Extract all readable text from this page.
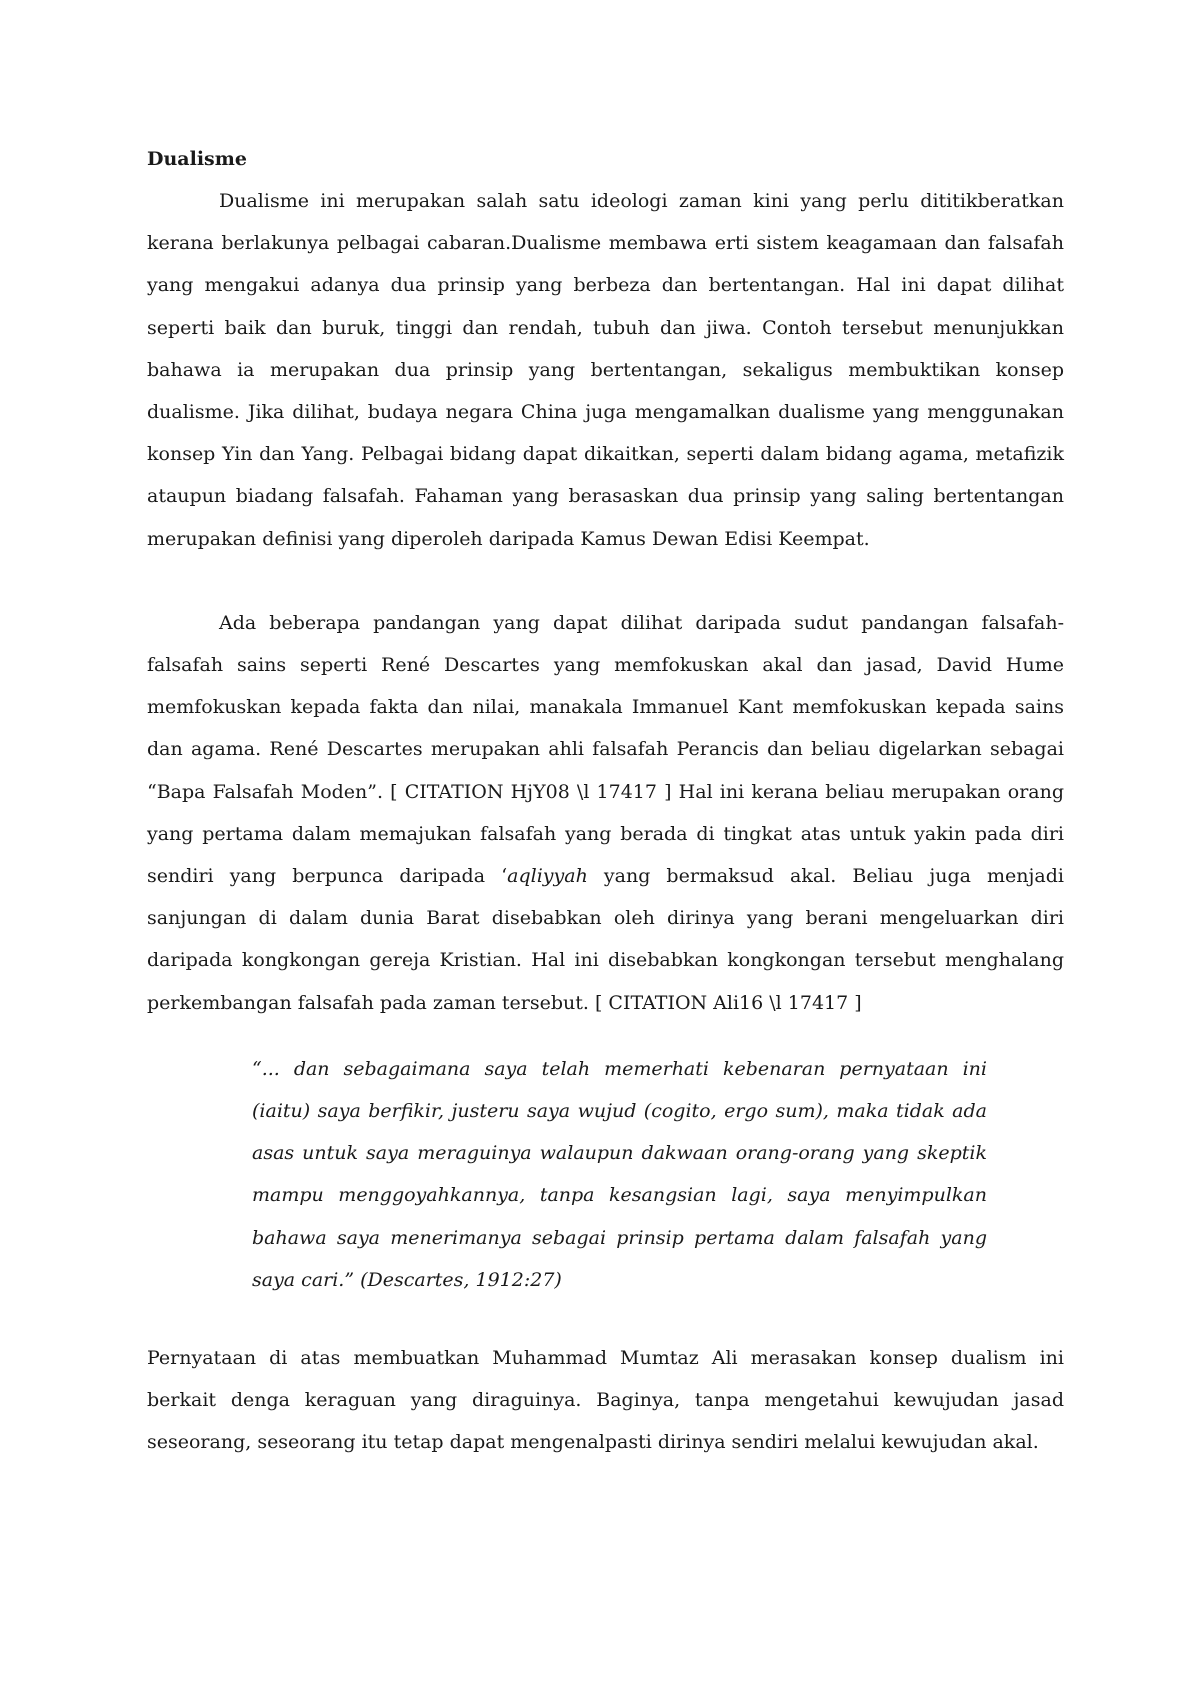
Dualisme

Dualisme ini merupakan salah satu ideologi zaman kini yang perlu dititikberatkan kerana berlakunya pelbagai cabaran.Dualisme membawa erti sistem keagamaan dan falsafah yang mengakui adanya dua prinsip yang berbeza dan bertentangan. Hal ini dapat dilihat seperti baik dan buruk, tinggi dan rendah, tubuh dan jiwa. Contoh tersebut menunjukkan bahawa ia merupakan dua prinsip yang bertentangan, sekaligus membuktikan konsep dualisme. Jika dilihat, budaya negara China juga mengamalkan dualisme yang menggunakan konsep Yin dan Yang. Pelbagai bidang dapat dikaitkan, seperti dalam bidang agama, metafizik ataupun biadang falsafah. Fahaman yang berasaskan dua prinsip yang saling bertentangan merupakan definisi yang diperoleh daripada Kamus Dewan Edisi Keempat.

Ada beberapa pandangan yang dapat dilihat daripada sudut pandangan falsafah-falsafah sains seperti René Descartes yang memfokuskan akal dan jasad, David Hume memfokuskan kepada fakta dan nilai, manakala Immanuel Kant memfokuskan kepada sains dan agama. René Descartes merupakan ahli falsafah Perancis dan beliau digelarkan sebagai “Bapa Falsafah Moden”. [ CITATION HjY08 \l 17417 ] Hal ini kerana beliau merupakan orang yang pertama dalam memajukan falsafah yang berada di tingkat atas untuk yakin pada diri sendiri yang berpunca daripada ‘aqliyyah yang bermaksud akal. Beliau juga menjadi sanjungan di dalam dunia Barat disebabkan oleh dirinya yang berani mengeluarkan diri daripada kongkongan gereja Kristian. Hal ini disebabkan kongkongan tersebut menghalang perkembangan falsafah pada zaman tersebut. [ CITATION Ali16 \l 17417 ]

“... dan sebagaimana saya telah memerhati kebenaran pernyataan ini (iaitu) saya berfikir, justeru saya wujud (cogito, ergo sum), maka tidak ada asas untuk saya meraguinya walaupun dakwaan orang-orang yang skeptik mampu menggoyahkannya, tanpa kesangsian lagi, saya menyimpulkan bahawa saya menerimanya sebagai prinsip pertama dalam falsafah yang saya cari.” (Descartes, 1912:27)

Pernyataan di atas membuatkan Muhammad Mumtaz Ali merasakan konsep dualism ini berkait denga keraguan yang diraguinya. Baginya, tanpa mengetahui kewujudan jasad seseorang, seseorang itu tetap dapat mengenalpasti dirinya sendiri melalui kewujudan akal.
